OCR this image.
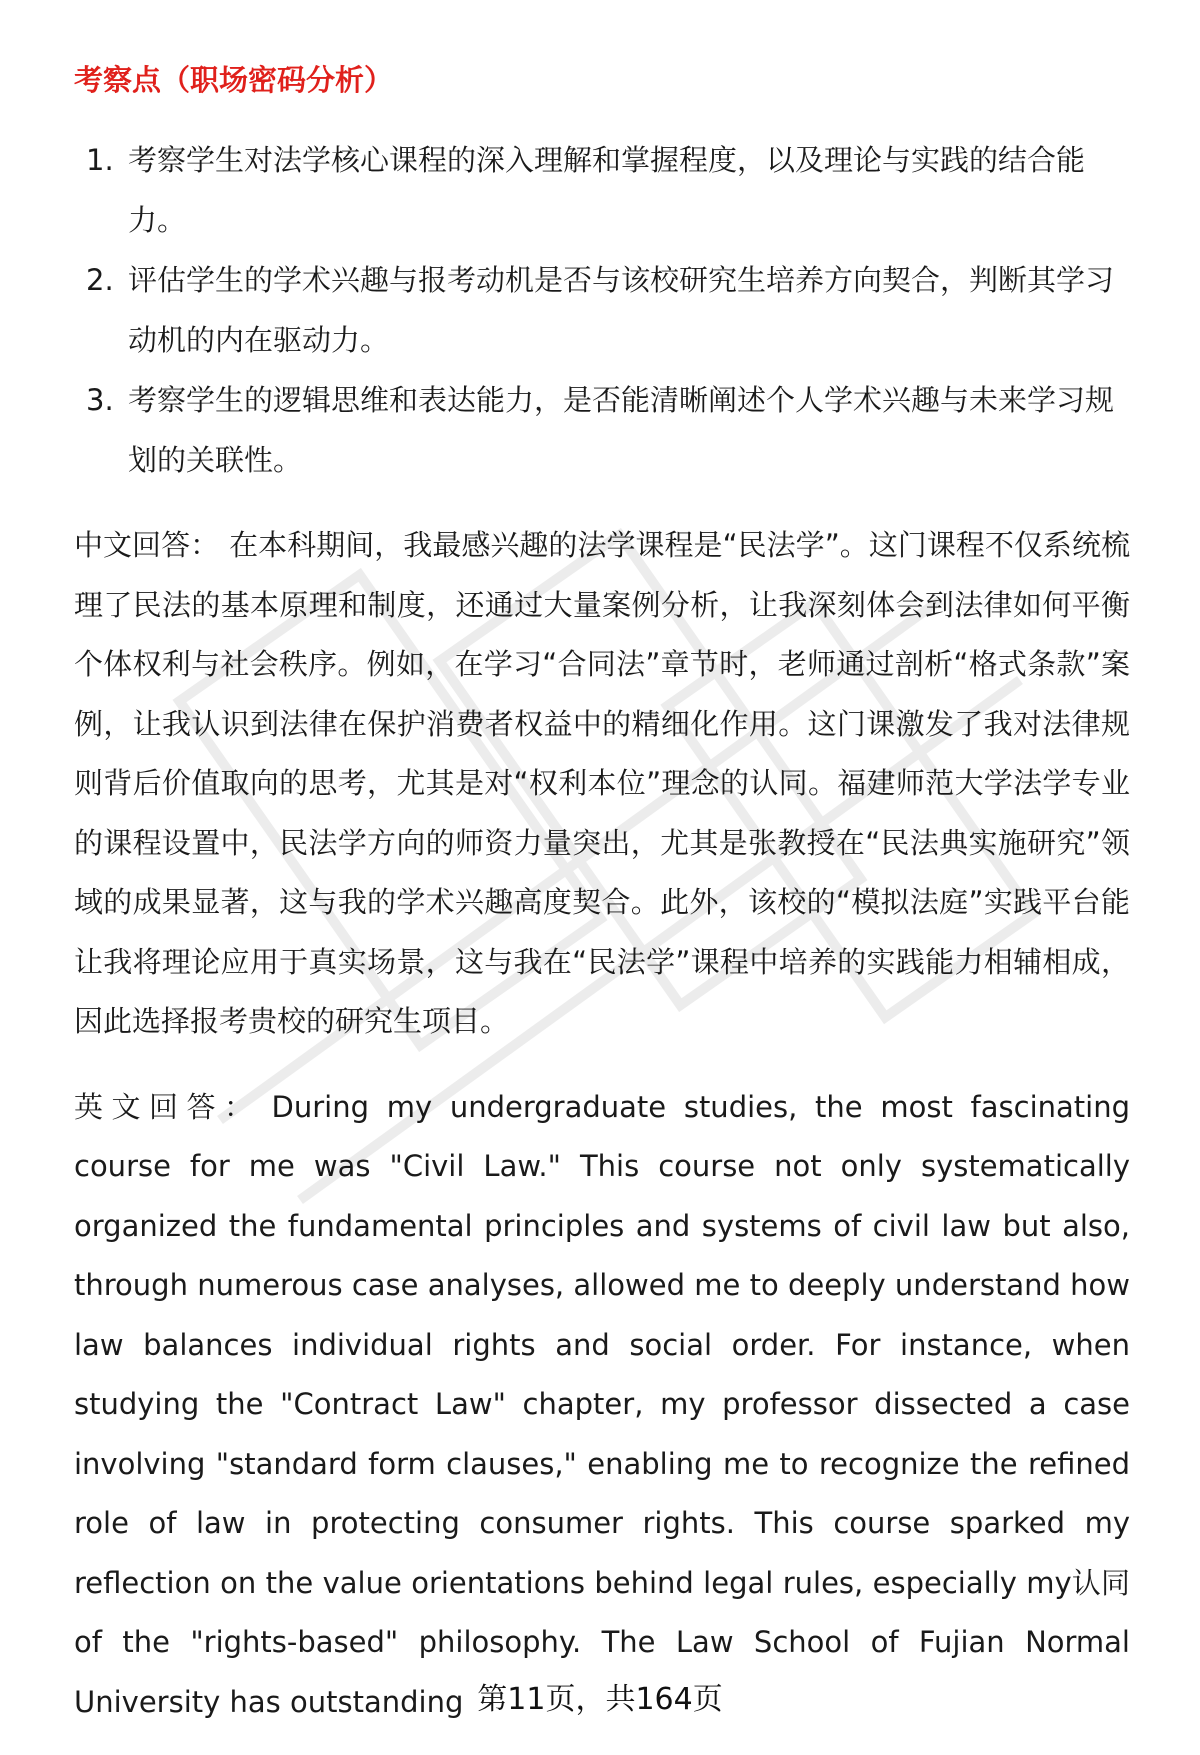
考察点（职场密码分析）
1. 考察学生对法学核心课程的深入理解和掌握程度，以及理论与实践的结合能力。
2. 评估学生的学术兴趣与报考动机是否与该校研究生培养方向契合，判断其学习动机的内在驱动力。
3. 考察学生的逻辑思维和表达能力，是否能清晰阐述个人学术兴趣与未来学习规划的关联性。

中文回答： 在本科期间，我最感兴趣的法学课程是“民法学”。这门课程不仅系统梳理了民法的基本原理和制度，还通过大量案例分析，让我深刻体会到法律如何平衡个体权利与社会秩序。例如，在学习“合同法”章节时，老师通过剖析“格式条款”案例，让我认识到法律在保护消费者权益中的精细化作用。这门课激发了我对法律规则背后价值取向的思考，尤其是对“权利本位”理念的认同。福建师范大学法学专业的课程设置中，民法学方向的师资力量突出，尤其是张教授在“民法典实施研究”领域的成果显著，这与我的学术兴趣高度契合。此外，该校的“模拟法庭”实践平台能让我将理论应用于真实场景，这与我在“民法学”课程中培养的实践能力相辅相成，因此选择报考贵校的研究生项目。

英文回答： During my undergraduate studies, the most fascinating course for me was "Civil Law." This course not only systematically organized the fundamental principles and systems of civil law but also, through numerous case analyses, allowed me to deeply understand how law balances individual rights and social order. For instance, when studying the "Contract Law" chapter, my professor dissected a case involving "standard form clauses," enabling me to recognize the refined role of law in protecting consumer rights. This course sparked my reflection on the value orientations behind legal rules, especially my认同 of the "rights-based" philosophy. The Law School of Fujian Normal University has outstanding 第11页，共164页
